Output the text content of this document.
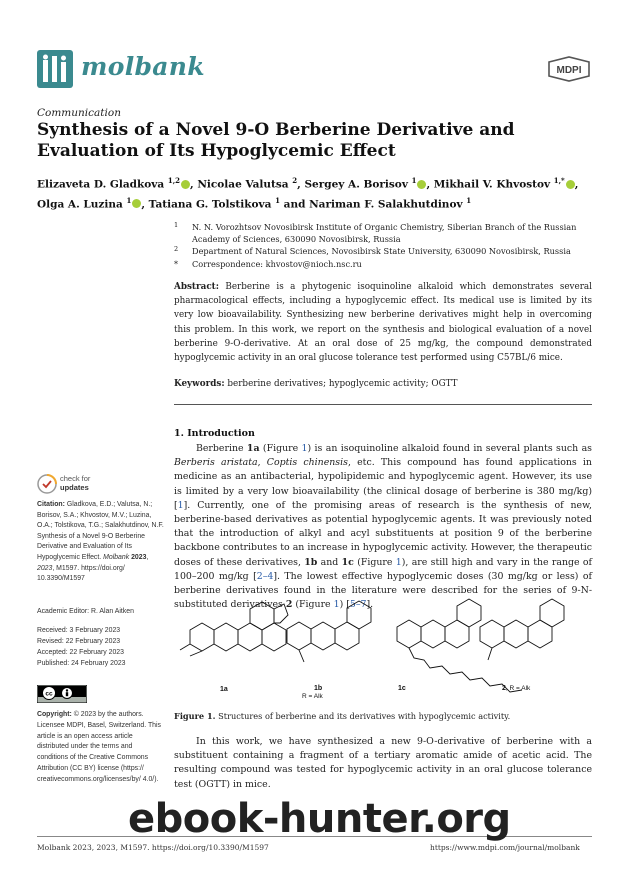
molbank	MDPI
Communication
Synthesis of a Novel 9-O Berberine Derivative and Evaluation of Its Hypoglycemic Effect
Elizaveta D. Gladkova $^{1,2}$ , Nicolae Valutsa $^2$, Sergey A. Borisov $^1$ , Mikhail V. Khvostov $^{1,*}$ , Olga A. Luzina $^1$ , Tatiana G. Tolstikova $^1$ and Nariman F. Salakhutdinov $^1$
1 N. N. Vorozhtsov Novosibirsk Institute of Organic Chemistry, Siberian Branch of the Russian Academy of Sciences, 630090 Novosibirsk, Russia
2 Department of Natural Sciences, Novosibirsk State University, 630090 Novosibirsk, Russia
* Correspondence: khvostov@nioch.nsc.ru
Abstract: Berberine is a phytogenic isoquinoline alkaloid which demonstrates several pharmacological effects, including a hypoglycemic effect. Its medical use is limited by its very low bioavailability. Synthesizing new berberine derivatives might help in overcoming this problem. In this work, we report on the synthesis and biological evaluation of a novel berberine 9-O-derivative. At an oral dose of 25 mg/kg, the compound demonstrated hypoglycemic activity in an oral glucose tolerance test performed using C57BL/6 mice.
Keywords: berberine derivatives; hypoglycemic activity; OGTT
check for
updates
Citation: Gladkova, E.D.; Valutsa, N.; Borisov, S.A.; Khvostov, M.V.; Luzina, O.A.; Tolstikova, T.G.; Salakhutdinov, N.F. Synthesis of a Novel 9-O Berberine Derivative and Evaluation of Its Hypoglycemic Effect. Molbank 2023, 2023, M1597. https://doi.org/ 10.3390/M1597
Academic Editor: R. Alan Aitken
Received: 3 February 2023
Revised: 22 February 2023
Accepted: 22 February 2023
Published: 24 February 2023
cc
Copyright: © 2023 by the authors. Licensee MDPI, Basel, Switzerland. This article is an open access article distributed under the terms and conditions of the Creative Commons Attribution (CC BY) license (https:// creativecommons.org/licenses/by/ 4.0/).
1. Introduction
Berberine 1a (Figure 1) is an isoquinoline alkaloid found in several plants such as Berberis aristata, Coptis chinensis, etc. This compound has found applications in medicine as an antibacterial, hypolipidemic and hypoglycemic agent. However, its use is limited by a very low bioavailability (the clinical dosage of berberine is 380 mg/kg) [1]. Currently, one of the promising areas of research is the synthesis of new, berberine-based derivatives as potential hypoglycemic agents. It was previously noted that the introduction of alkyl and acyl substituents at position 9 of the berberine backbone contributes to an increase in hypoglycemic activity. However, the therapeutic doses of these derivatives, 1b and 1c (Figure 1), are still high and vary in the range of 100–200 mg/kg [2–4]. The lowest effective hypoglycemic doses (30 mg/kg or less) of berberine derivatives found in the literature were described for the series of 9-N-substituted derivatives 2 (Figure 1) [5–7].
1a	1b
R = Alk
1c	2, R = Alk
Figure 1. Structures of berberine and its derivatives with hypoglycemic activity.
In this work, we have synthesized a new 9-O-derivative of berberine with a substituent containing a fragment of a tertiary aromatic amide of acetic acid. The resulting compound was tested for hypoglycemic activity in an oral glucose tolerance test (OGTT) in mice.
Molbank 2023, 2023, M1597. https://doi.org/10.3390/M1597	https://www.mdpi.com/journal/molbank
ebook-hunter.org
